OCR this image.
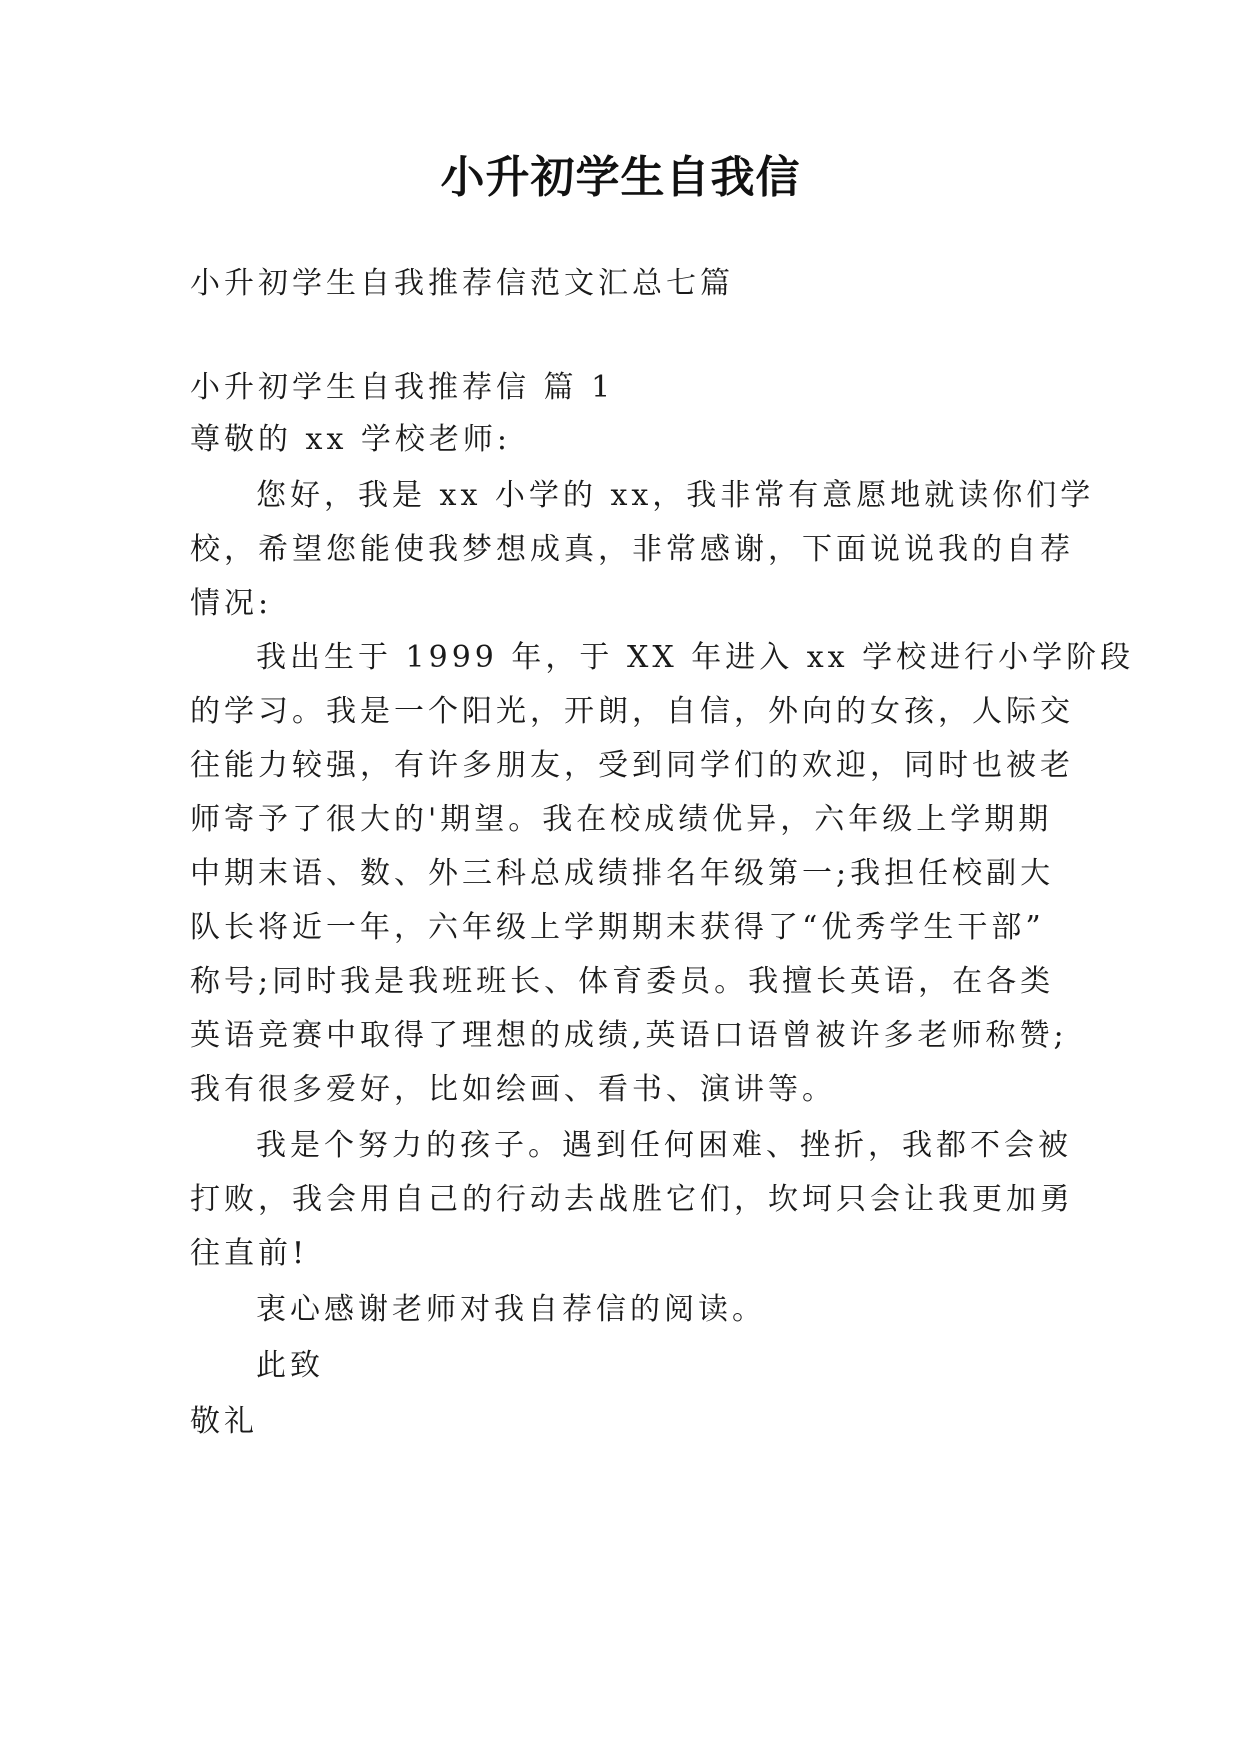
小升初学生自我信
小升初学生自我推荐信范文汇总七篇
小升初学生自我推荐信 篇 1
尊敬的 xx 学校老师:
您好，我是 xx 小学的 xx，我非常有意愿地就读你们学
校，希望您能使我梦想成真，非常感谢，下面说说我的自荐
情况:
我出生于 1999 年，于 XX 年进入 xx 学校进行小学阶段
的学习。我是一个阳光，开朗，自信，外向的女孩，人际交
往能力较强，有许多朋友，受到同学们的欢迎，同时也被老
师寄予了很大的'期望。我在校成绩优异，六年级上学期期
中期末语、数、外三科总成绩排名年级第一;我担任校副大
队长将近一年，六年级上学期期末获得了“优秀学生干部”
称号;同时我是我班班长、体育委员。我擅长英语，在各类
英语竞赛中取得了理想的成绩,英语口语曾被许多老师称赞;
我有很多爱好，比如绘画、看书、演讲等。
我是个努力的孩子。遇到任何困难、挫折，我都不会被
打败，我会用自己的行动去战胜它们，坎坷只会让我更加勇
往直前!
衷心感谢老师对我自荐信的阅读。
此致
敬礼
